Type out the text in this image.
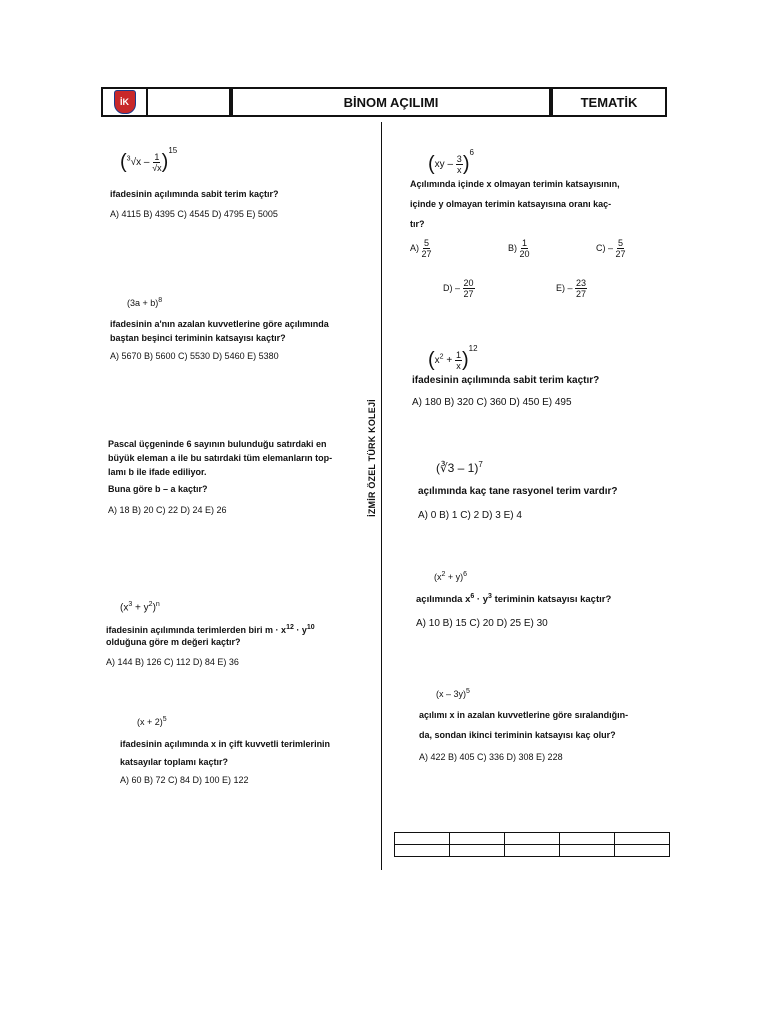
İK	BİNOM AÇILIMI	TEMATİK
İZMİR ÖZEL TÜRK KOLEJİ
$(^3√x - \frac{1}{√x} )^{15}$
ifadesinin açılımında sabit terim kaçtır?
A) 4115 B) 4395 C) 4545 D) 4795 E) 5005
$(3a + b)^8$
ifadesinin a'nın azalan kuvvetlerine göre açılımında
baştan beşinci teriminin katsayısı kaçtır?
A) 5670 B) 5600 C) 5530 D) 5460 E) 5380
Pascal üçgeninde 6 sayının bulunduğu satırdaki en
büyük eleman a ile bu satırdaki tüm elemanların top-
lamı b ile ifade ediliyor.
Buna göre b – a kaçtır?
A) 18 B) 20 C) 22 D) 24 E) 26
$(x^3 + y^2)^n$
ifadesinin açılımında terimlerden biri $m \cdot x^{12} \cdot y^{10}$
olduğuna göre m değeri kaçtır?
A) 144 B) 126 C) 112 D) 84 E) 36
$(x + 2)^5$
ifadesinin açılımında x in çift kuvvetli terimlerinin
katsayılar toplamı kaçtır?
A) 60 B) 72 C) 84 D) 100 E) 122
$(xy - \frac{3}{x} )^6$
Açılımında içinde x olmayan terimin katsayısının,
içinde y olmayan terimin katsayısına oranı kaç-
tır?
$A) \frac{5}{27}$	$B) \frac{1}{20}$	$C) - \frac{5}{27}$
$D) - \frac{20}{27}$	$E) - \frac{23}{27}$
$(x^2 + \frac{1}{x} )^{12}$
ifadesinin açılımında sabit terim kaçtır?
A) 180 B) 320 C) 360 D) 450 E) 495
(∛3 – 1)$^7$
açılımında kaç tane rasyonel terim vardır?
A) 0 B) 1 C) 2 D) 3 E) 4
$(x^2 + y)^6$
açılımında $x^6 \cdot y^3$ teriminin katsayısı kaçtır?
A) 10 B) 15 C) 20 D) 25 E) 30
(x – 3y)$^5$
açılımı x in azalan kuvvetlerine göre sıralandığın-
da, sondan ikinci teriminin katsayısı kaç olur?
A) 422 B) 405 C) 336 D) 308 E) 228
